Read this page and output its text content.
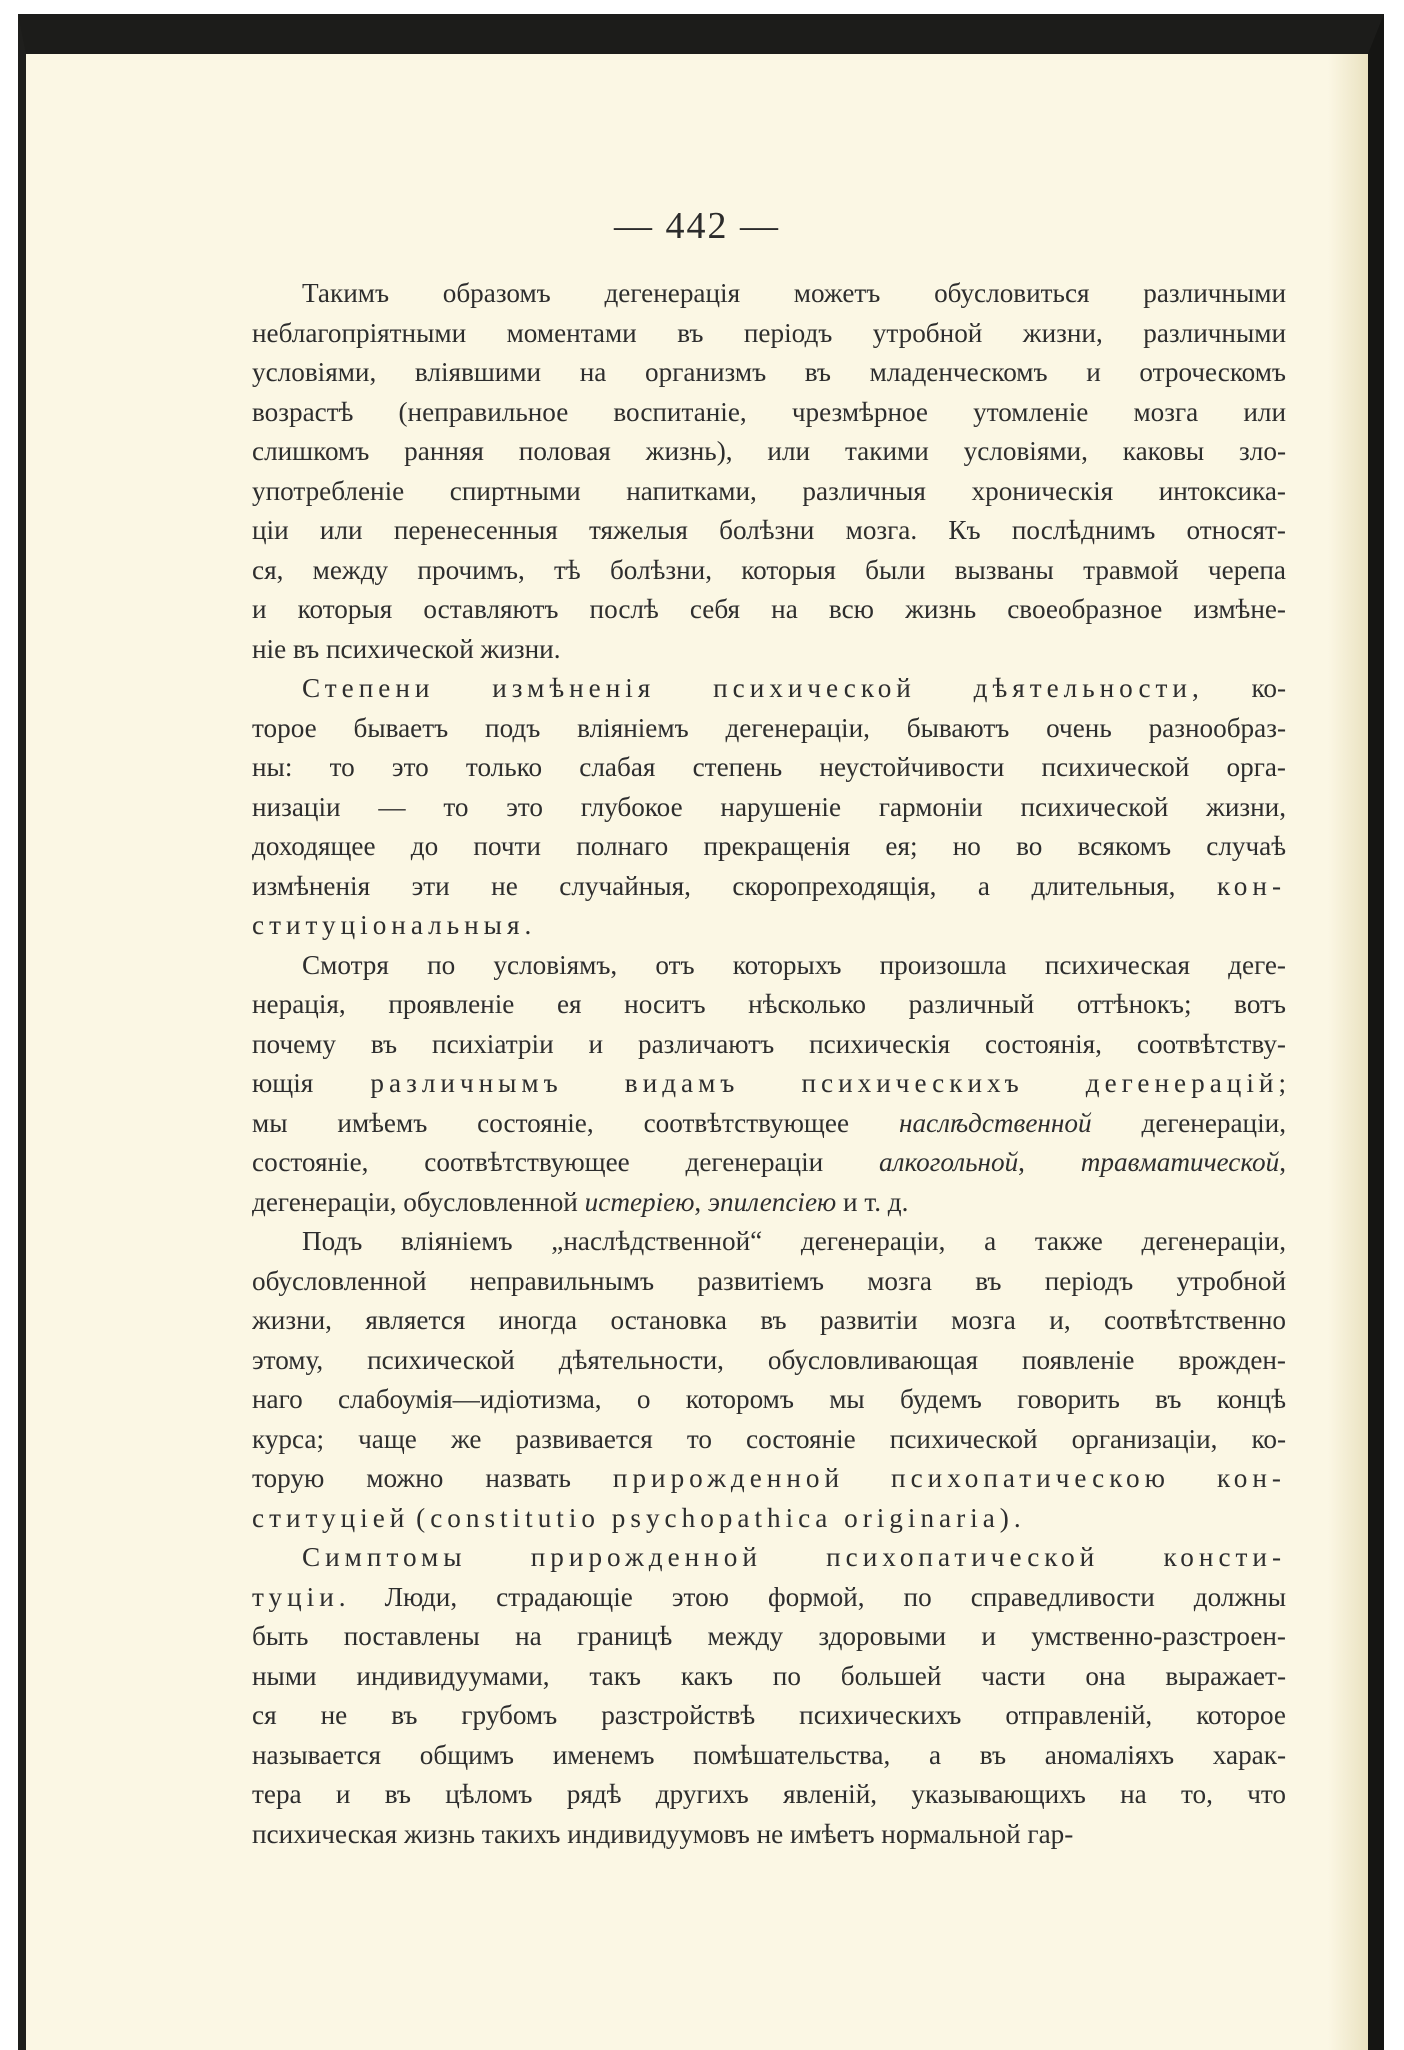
— 442 —
Такимъ образомъ дегенерація можетъ обусловиться различными
неблагопріятными моментами въ періодъ утробной жизни, различными
условіями, вліявшими на организмъ въ младенческомъ и отроческомъ
возрастѣ (неправильное воспитаніе, чрезмѣрное утомленіе мозга или
слишкомъ ранняя половая жизнь), или такими условіями, каковы зло-
употребленіе спиртными напитками, различныя хроническія интоксика-
ціи или перенесенныя тяжелыя болѣзни мозга. Къ послѣднимъ относят-
ся, между прочимъ, тѣ болѣзни, которыя были вызваны травмой черепа
и которыя оставляютъ послѣ себя на всю жизнь своеобразное измѣне-
ніе въ психической жизни.
Степени измѣненія психической дѣятельности, ко-
торое бываетъ подъ вліяніемъ дегенераціи, бываютъ очень разнообраз-
ны: то это только слабая степень неустойчивости психической орга-
низаціи — то это глубокое нарушеніе гармоніи психической жизни,
доходящее до почти полнаго прекращенія ея; но во всякомъ случаѣ
измѣненія эти не случайныя, скоропреходящія, а длительныя, кон-
ституціональныя.
Смотря по условіямъ, отъ которыхъ произошла психическая деге-
нерація, проявленіе ея носитъ нѣсколько различный оттѣнокъ; вотъ
почему въ психіатріи и различаютъ психическія состоянія, соотвѣтству-
ющія различнымъ видамъ психическихъ дегенерацій;
мы имѣемъ состояніе, соотвѣтствующее наслѣдственной дегенераціи,
состояніе, соотвѣтствующее дегенераціи алкогольной, травматической,
дегенераціи, обусловленной истеріею, эпилепсіею и т. д.
Подъ вліяніемъ „наслѣдственной“ дегенераціи, а также дегенераціи,
обусловленной неправильнымъ развитіемъ мозга въ періодъ утробной
жизни, является иногда остановка въ развитіи мозга и, соотвѣтственно
этому, психической дѣятельности, обусловливающая появленіе врожден-
наго слабоумія—идіотизма, о которомъ мы будемъ говорить въ концѣ
курса; чаще же развивается то состояніе психической организаціи, ко-
торую можно назвать прирожденной психопатическою кон-
ституціей (constitutio psychopathica originaria).
Симптомы прирожденной психопатической консти-
туціи. Люди, страдающіе этою формой, по справедливости должны
быть поставлены на границѣ между здоровыми и умственно-разстроен-
ными индивидуумами, такъ какъ по большей части она выражает-
ся не въ грубомъ разстройствѣ психическихъ отправленій, которое
называется общимъ именемъ помѣшательства, а въ аномаліяхъ харак-
тера и въ цѣломъ рядѣ другихъ явленій, указывающихъ на то, что
психическая жизнь такихъ индивидуумовъ не имѣетъ нормальной гар-
